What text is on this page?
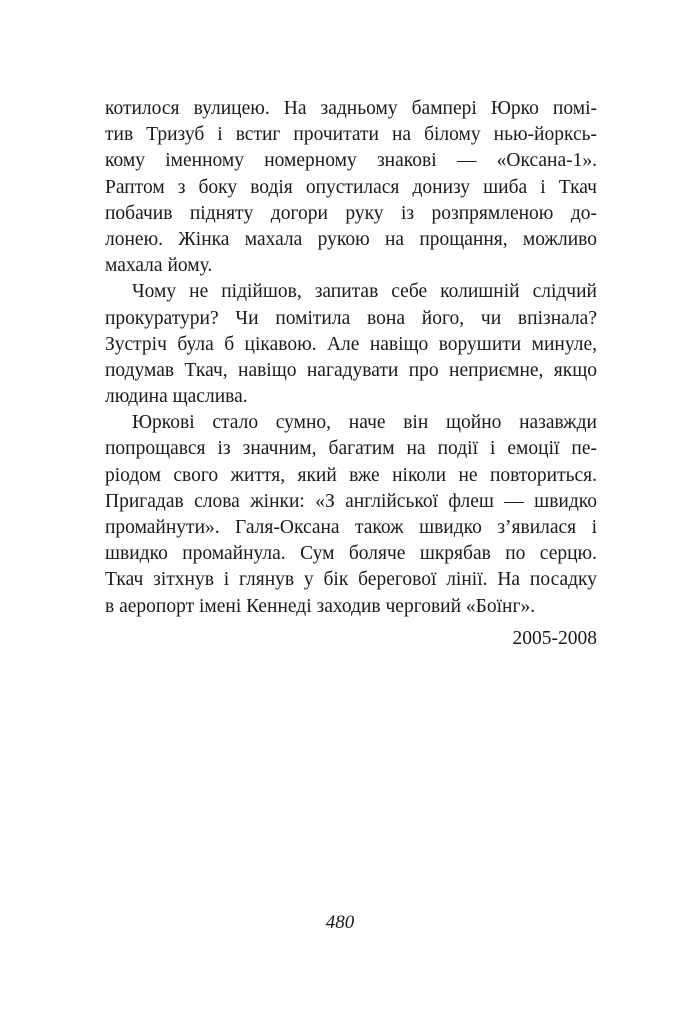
котилося вулицею. На задньому бампері Юрко помі-
тив Тризуб і встиг прочитати на білому нью-йорксь-
кому іменному номерному знакові — «Оксана-1».
Раптом з боку водія опустилася донизу шиба і Ткач
побачив піднятy догори руку із розпрямленою до-
лонею. Жінка махала рукою на прощання, можливо
махала йому.
Чому не підійшов, запитав себе колишній слідчий
прокуратури? Чи помітила вона його, чи впізнала?
Зустріч була б цікавою. Але навіщо ворушити минуле,
подумав Ткач, навіщо нагадувати про неприємне, якщо
людина щаслива.
Юркові стало сумно, наче він щойно назавжди
попрощався із значним, багатим на події і емоції пе-
ріодом свого життя, який вже ніколи не повториться.
Пригадав слова жінки: «З англійської флеш — швидко
промайнути». Галя-Оксана також швидко з’явилася і
швидко промайнула. Сум боляче шкрябав по серцю.
Ткач зітхнув і глянув у бік берегової лінії. На посадку
в аеропорт імені Кеннеді заходив черговий «Боїнг».
2005-2008
480
